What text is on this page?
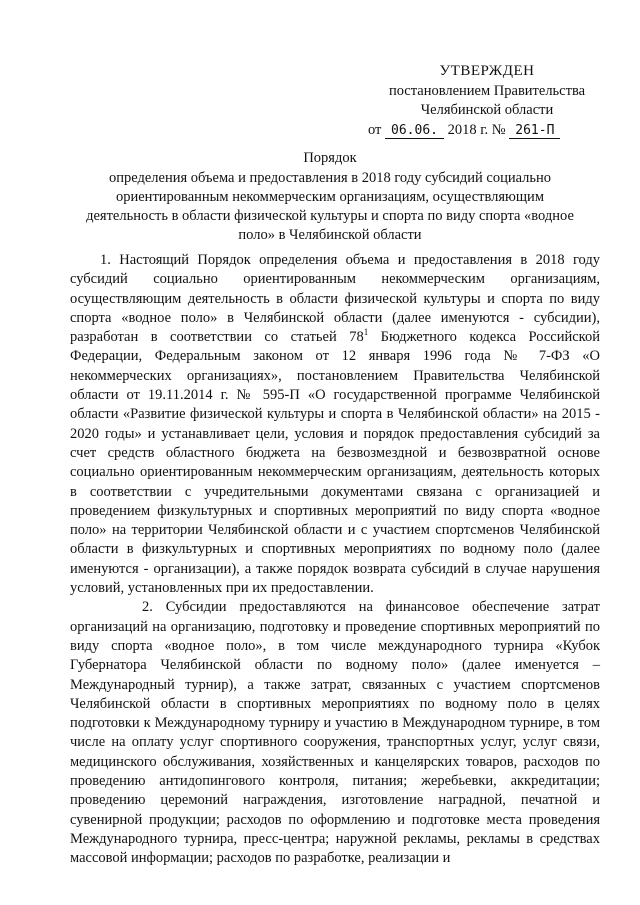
УТВЕРЖДЕН
постановлением Правительства
Челябинской области
от 06.06. 2018 г. № 261-П
Порядок
определения объема и предоставления в 2018 году субсидий социально
ориентированным некоммерческим организациям, осуществляющим
деятельность в области физической культуры и спорта по виду спорта «водное
поло» в Челябинской области

1. Настоящий Порядок определения объема и предоставления в 2018 году субсидий социально ориентированным некоммерческим организациям, осуществляющим деятельность в области физической культуры и спорта по виду спорта «водное поло» в Челябинской области (далее именуются - субсидии), разработан в соответствии со статьей $78^1$ Бюджетного кодекса Российской Федерации, Федеральным законом от 12 января 1996 года № 7-ФЗ «О некоммерческих организациях», постановлением Правительства Челябинской области от 19.11.2014 г. № 595-П «О государственной программе Челябинской области «Развитие физической культуры и спорта в Челябинской области» на 2015 - 2020 годы» и устанавливает цели, условия и порядок предоставления субсидий за счет средств областного бюджета на безвозмездной и безвозвратной основе социально ориентированным некоммерческим организациям, деятельность которых в соответствии с учредительными документами связана с организацией и проведением физкультурных и спортивных мероприятий по виду спорта «водное поло» на территории Челябинской области и с участием спортсменов Челябинской области в физкультурных и спортивных мероприятиях по водному поло (далее именуются - организации), а также порядок возврата субсидий в случае нарушения условий, установленных при их предоставлении.

2. Субсидии предоставляются на финансовое обеспечение затрат организаций на организацию, подготовку и проведение спортивных мероприятий по виду спорта «водное поло», в том числе международного турнира «Кубок Губернатора Челябинской области по водному поло» (далее именуется – Международный турнир), а также затрат, связанных с участием спортсменов Челябинской области в спортивных мероприятиях по водному поло в целях подготовки к Международному турниру и участию в Международном турнире, в том числе на оплату услуг спортивного сооружения, транспортных услуг, услуг связи, медицинского обслуживания, хозяйственных и канцелярских товаров, расходов по проведению антидопингового контроля, питания; жеребьевки, аккредитации; проведению церемоний награждения, изготовление наградной, печатной и сувенирной продукции; расходов по оформлению и подготовке места проведения Международного турнира, пресс-центра; наружной рекламы, рекламы в средствах массовой информации; расходов по разработке, реализации и
